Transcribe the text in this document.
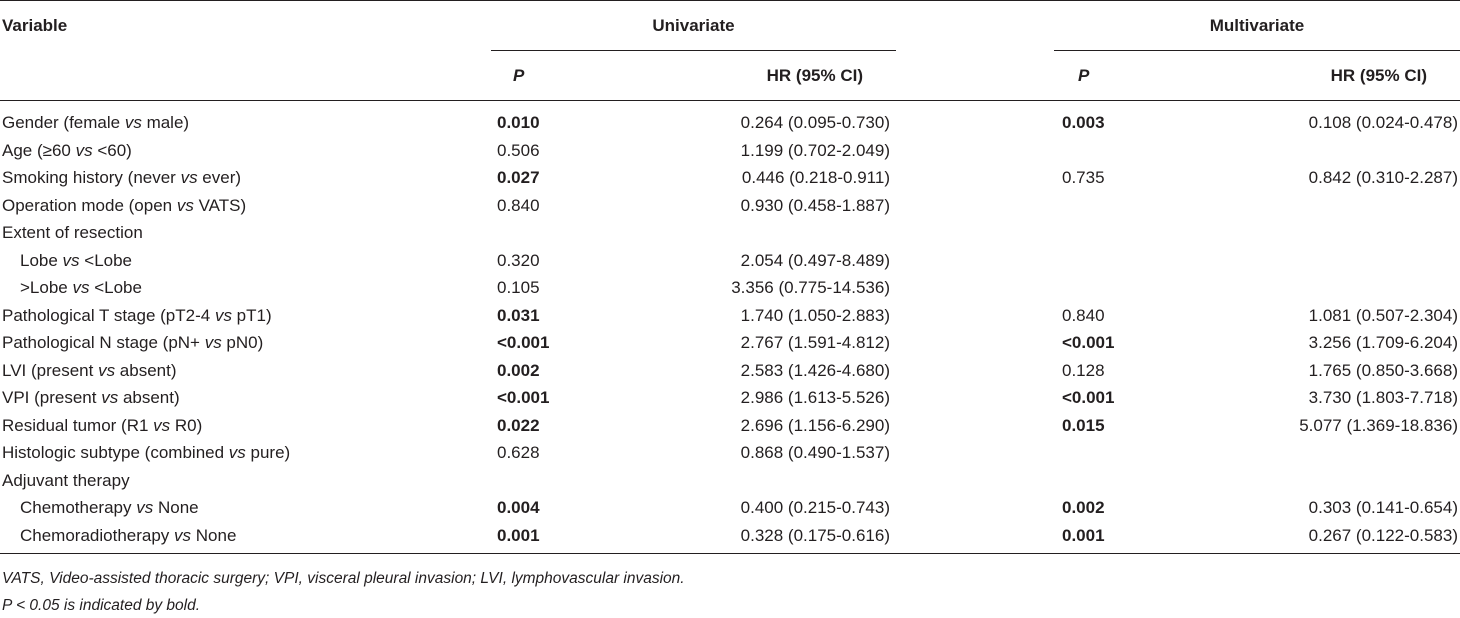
Variable	Univariate	Multivariate
P	HR (95% CI)	P	HR (95% CI)
Gender (female vs male)	0.010	0.264 (0.095-0.730)	0.003	0.108 (0.024-0.478)
Age (≥60 vs <60)	0.506	1.199 (0.702-2.049)
Smoking history (never vs ever)	0.027	0.446 (0.218-0.911)	0.735	0.842 (0.310-2.287)
Operation mode (open vs VATS)	0.840	0.930 (0.458-1.887)
Extent of resection
Lobe vs <Lobe	0.320	2.054 (0.497-8.489)
>Lobe vs <Lobe	0.105	3.356 (0.775-14.536)
Pathological T stage (pT2-4 vs pT1)	0.031	1.740 (1.050-2.883)	0.840	1.081 (0.507-2.304)
Pathological N stage (pN+ vs pN0)	<0.001	2.767 (1.591-4.812)	<0.001	3.256 (1.709-6.204)
LVI (present vs absent)	0.002	2.583 (1.426-4.680)	0.128	1.765 (0.850-3.668)
VPI (present vs absent)	<0.001	2.986 (1.613-5.526)	<0.001	3.730 (1.803-7.718)
Residual tumor (R1 vs R0)	0.022	2.696 (1.156-6.290)	0.015	5.077 (1.369-18.836)
Histologic subtype (combined vs pure)	0.628	0.868 (0.490-1.537)
Adjuvant therapy
Chemotherapy vs None	0.004	0.400 (0.215-0.743)	0.002	0.303 (0.141-0.654)
Chemoradiotherapy vs None	0.001	0.328 (0.175-0.616)	0.001	0.267 (0.122-0.583)
VATS, Video-assisted thoracic surgery; VPI, visceral pleural invasion; LVI, lymphovascular invasion.
P < 0.05 is indicated by bold.
